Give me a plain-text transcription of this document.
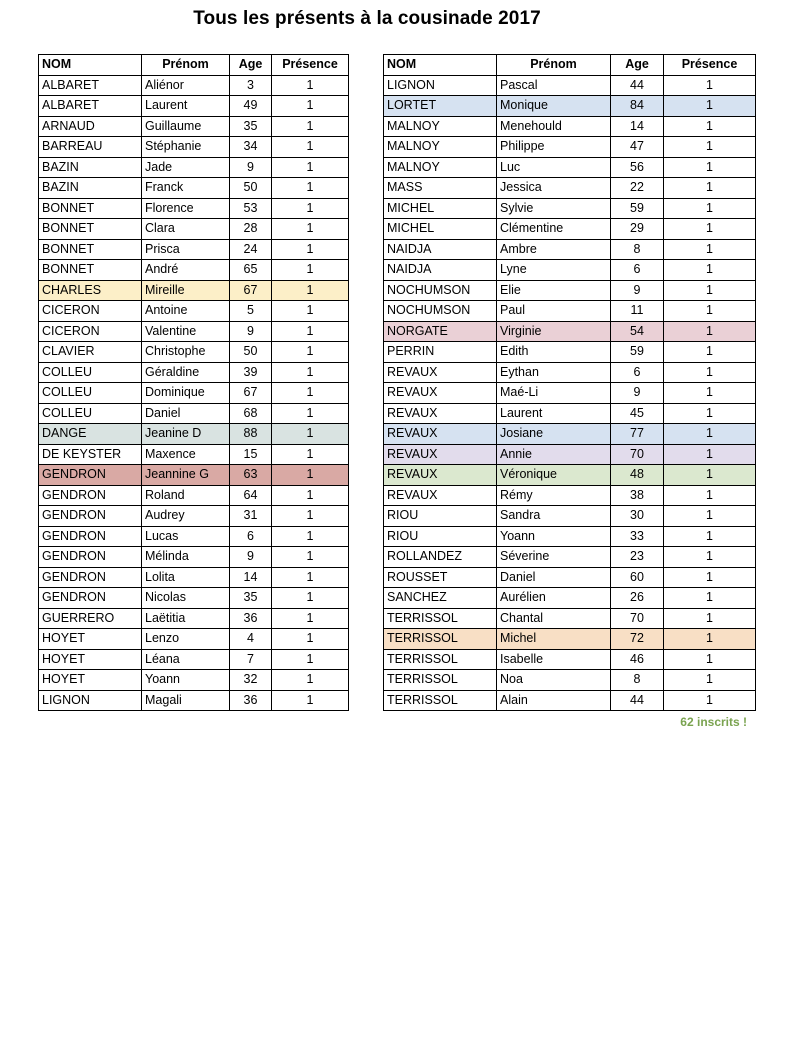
Tous les présents à la cousinade 2017
NOM	Prénom	Age	Présence
ALBARET	Aliénor	3	1
ALBARET	Laurent	49	1
ARNAUD	Guillaume	35	1
BARREAU	Stéphanie	34	1
BAZIN	Jade	9	1
BAZIN	Franck	50	1
BONNET	Florence	53	1
BONNET	Clara	28	1
BONNET	Prisca	24	1
BONNET	André	65	1
CHARLES	Mireille	67	1
CICERON	Antoine	5	1
CICERON	Valentine	9	1
CLAVIER	Christophe	50	1
COLLEU	Géraldine	39	1
COLLEU	Dominique	67	1
COLLEU	Daniel	68	1
DANGE	Jeanine D	88	1
DE KEYSTER	Maxence	15	1
GENDRON	Jeannine G	63	1
GENDRON	Roland	64	1
GENDRON	Audrey	31	1
GENDRON	Lucas	6	1
GENDRON	Mélinda	9	1
GENDRON	Lolita	14	1
GENDRON	Nicolas	35	1
GUERRERO	Laëtitia	36	1
HOYET	Lenzo	4	1
HOYET	Léana	7	1
HOYET	Yoann	32	1
LIGNON	Magali	36	1
NOM	Prénom	Age	Présence
LIGNON	Pascal	44	1
LORTET	Monique	84	1
MALNOY	Menehould	14	1
MALNOY	Philippe	47	1
MALNOY	Luc	56	1
MASS	Jessica	22	1
MICHEL	Sylvie	59	1
MICHEL	Clémentine	29	1
NAIDJA	Ambre	8	1
NAIDJA	Lyne	6	1
NOCHUMSON	Elie	9	1
NOCHUMSON	Paul	11	1
NORGATE	Virginie	54	1
PERRIN	Edith	59	1
REVAUX	Eythan	6	1
REVAUX	Maé-Li	9	1
REVAUX	Laurent	45	1
REVAUX	Josiane	77	1
REVAUX	Annie	70	1
REVAUX	Véronique	48	1
REVAUX	Rémy	38	1
RIOU	Sandra	30	1
RIOU	Yoann	33	1
ROLLANDEZ	Séverine	23	1
ROUSSET	Daniel	60	1
SANCHEZ	Aurélien	26	1
TERRISSOL	Chantal	70	1
TERRISSOL	Michel	72	1
TERRISSOL	Isabelle	46	1
TERRISSOL	Noa	8	1
TERRISSOL	Alain	44	1
62 inscrits !
